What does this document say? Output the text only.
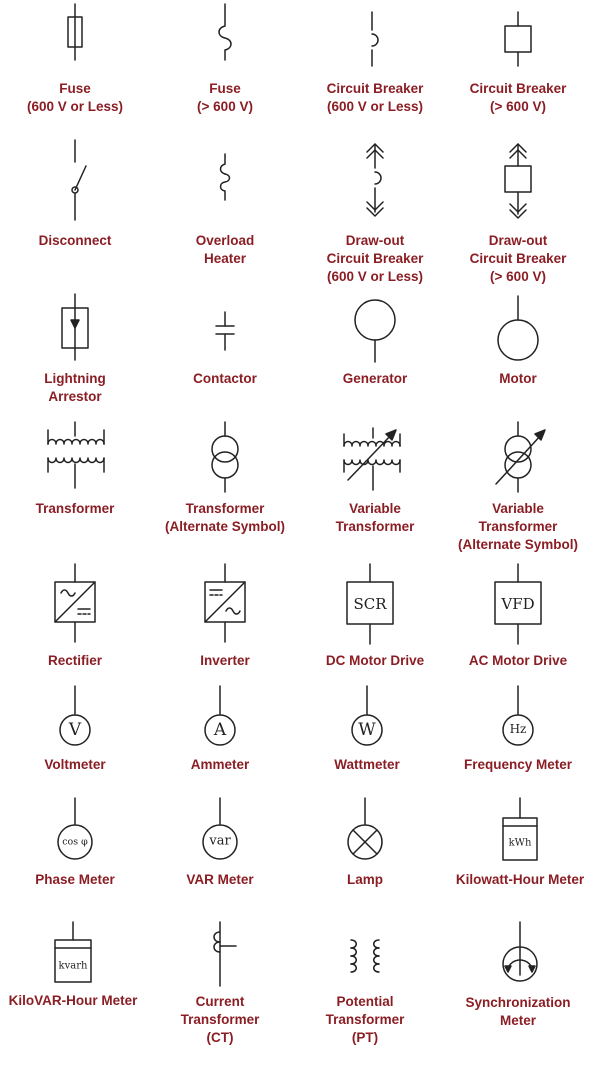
Fuse
(600 V or Less)
Fuse
(> 600 V)
Circuit Breaker
(600 V or Less)
Circuit Breaker
(> 600 V)
Disconnect	Overload
Heater
Draw-out
Circuit Breaker
(600 V or Less)
Draw-out
Circuit Breaker
(> 600 V)
Lightning
Arrestor
Contactor	Generator	Motor
Transformer	Transformer
(Alternate Symbol)
Variable
Transformer
Variable
Transformer
(Alternate Symbol)
Rectifier	Inverter
SCR
DC Motor Drive
VFD
AC Motor Drive
V
Voltmeter
A
Ammeter
W
Wattmeter
Hz
Frequency Meter
cos φ
Phase Meter
var
VAR Meter	Lamp
kWh
Kilowatt-Hour Meter
kvarh
KiloVAR-Hour Meter	Current
Transformer
(CT)
Potential
Transformer
(PT)
Synchronization
Meter
